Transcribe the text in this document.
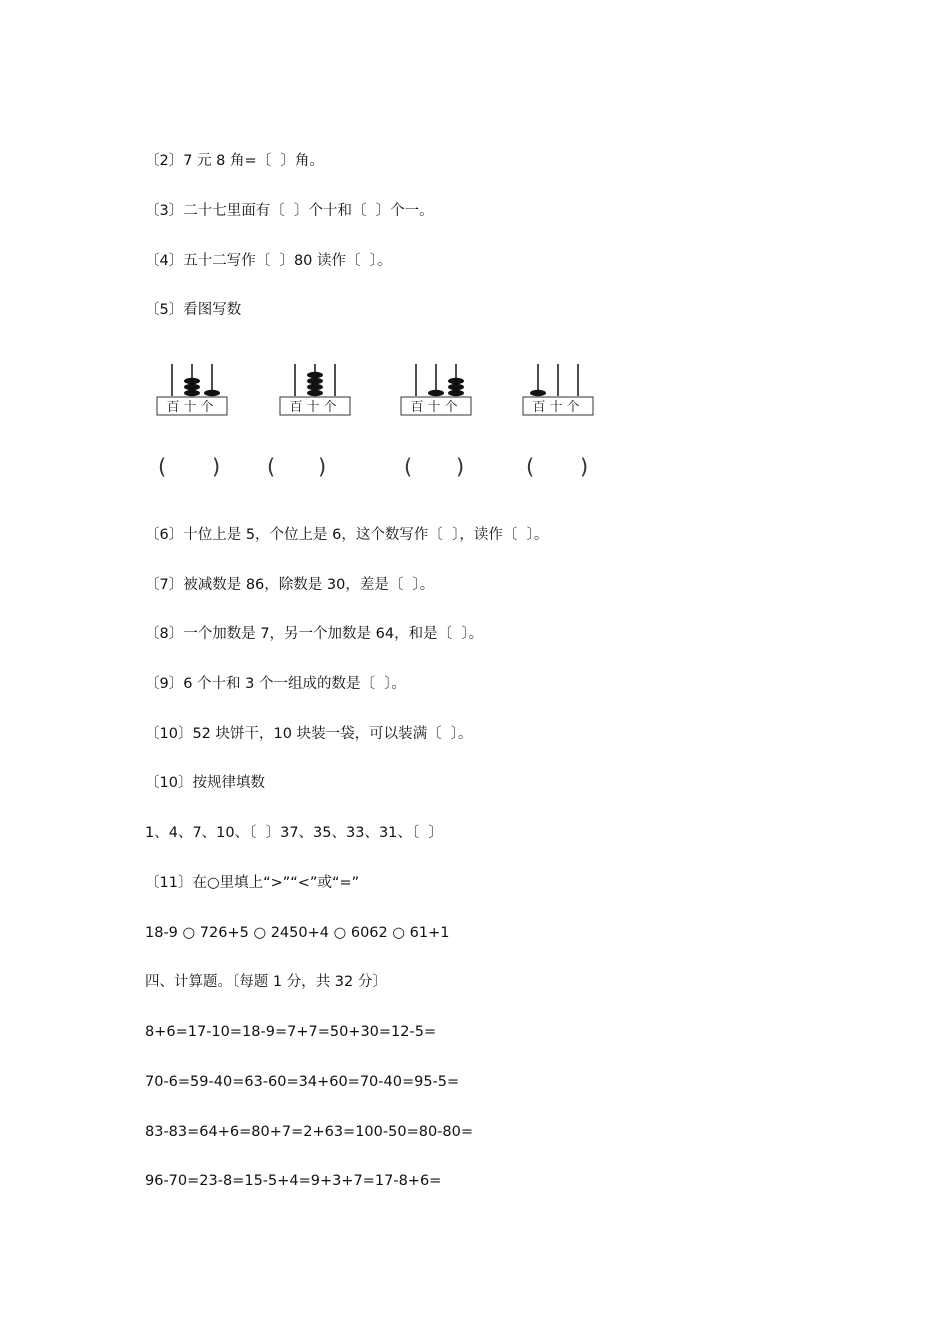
〔2〕7 元 8 角=〔  〕角。
〔3〕二十七里面有〔  〕个十和〔  〕个一。
〔4〕五十二写作〔  〕80 读作〔  〕。
〔5〕看图写数
百十个	百十个	百十个	百十个
( ) ( )	( )	( )
〔6〕十位上是 5，个位上是 6，这个数写作〔  〕，读作〔  〕。
〔7〕被减数是 86，除数是 30，差是〔  〕。
〔8〕一个加数是 7，另一个加数是 64，和是〔  〕。
〔9〕6 个十和 3 个一组成的数是〔  〕。
〔10〕52 块饼干，10 块装一袋，可以装满〔  〕。
〔10〕按规律填数
1、4、7、10、〔  〕37、35、33、31、〔  〕
〔11〕在○里填上“>”“<”或“=”
18-9 ○ 726+5 ○ 2450+4 ○ 6062 ○ 61+1
四、计算题。〔每题 1 分，共 32 分〕
8+6=17-10=18-9=7+7=50+30=12-5=
70-6=59-40=63-60=34+60=70-40=95-5=
83-83=64+6=80+7=2+63=100-50=80-80=
96-70=23-8=15-5+4=9+3+7=17-8+6=
